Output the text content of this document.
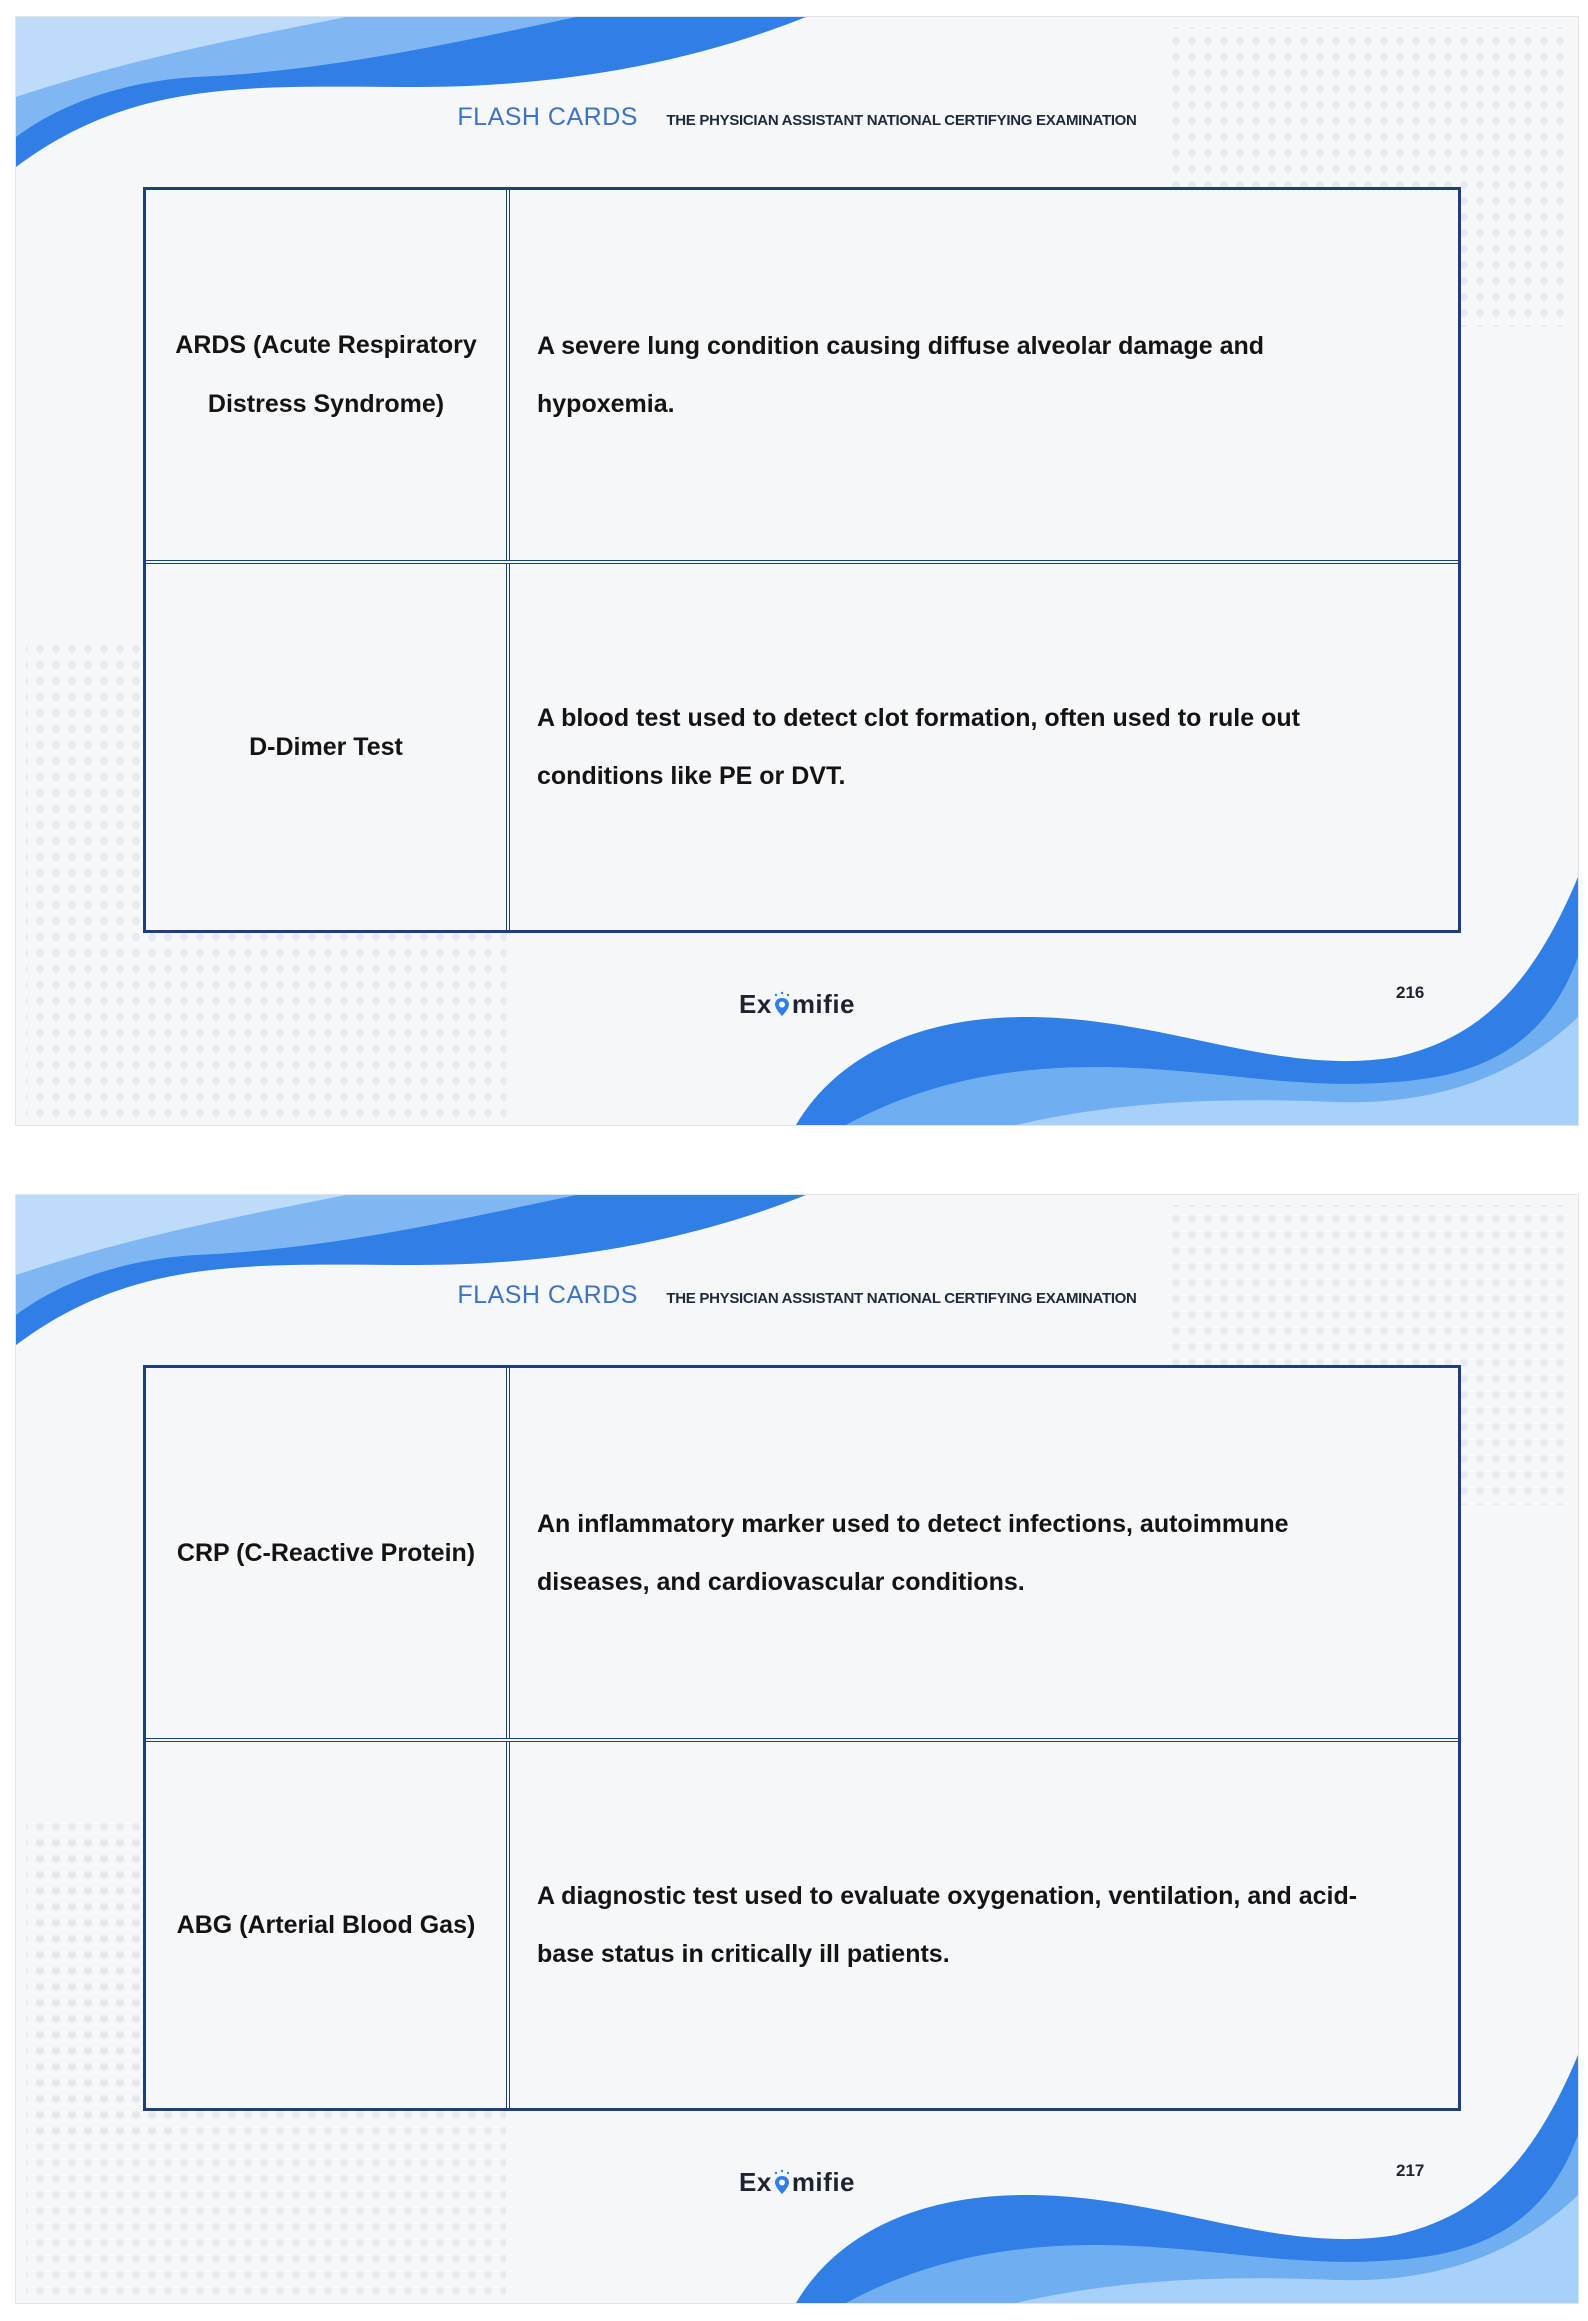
FLASH CARDS THE PHYSICIAN ASSISTANT NATIONAL CERTIFYING EXAMINATION
ARDS (Acute Respiratory Distress Syndrome)
A severe lung condition causing diffuse alveolar damage and hypoxemia.
D-Dimer Test
A blood test used to detect clot formation, often used to rule out conditions like PE or DVT.
Ex mifie	216
FLASH CARDS THE PHYSICIAN ASSISTANT NATIONAL CERTIFYING EXAMINATION
CRP (C-Reactive Protein)
An inflammatory marker used to detect infections, autoimmune diseases, and cardiovascular conditions.
ABG (Arterial Blood Gas)
A diagnostic test used to evaluate oxygenation, ventilation, and acid-base status in critically ill patients.
Ex mifie	217
